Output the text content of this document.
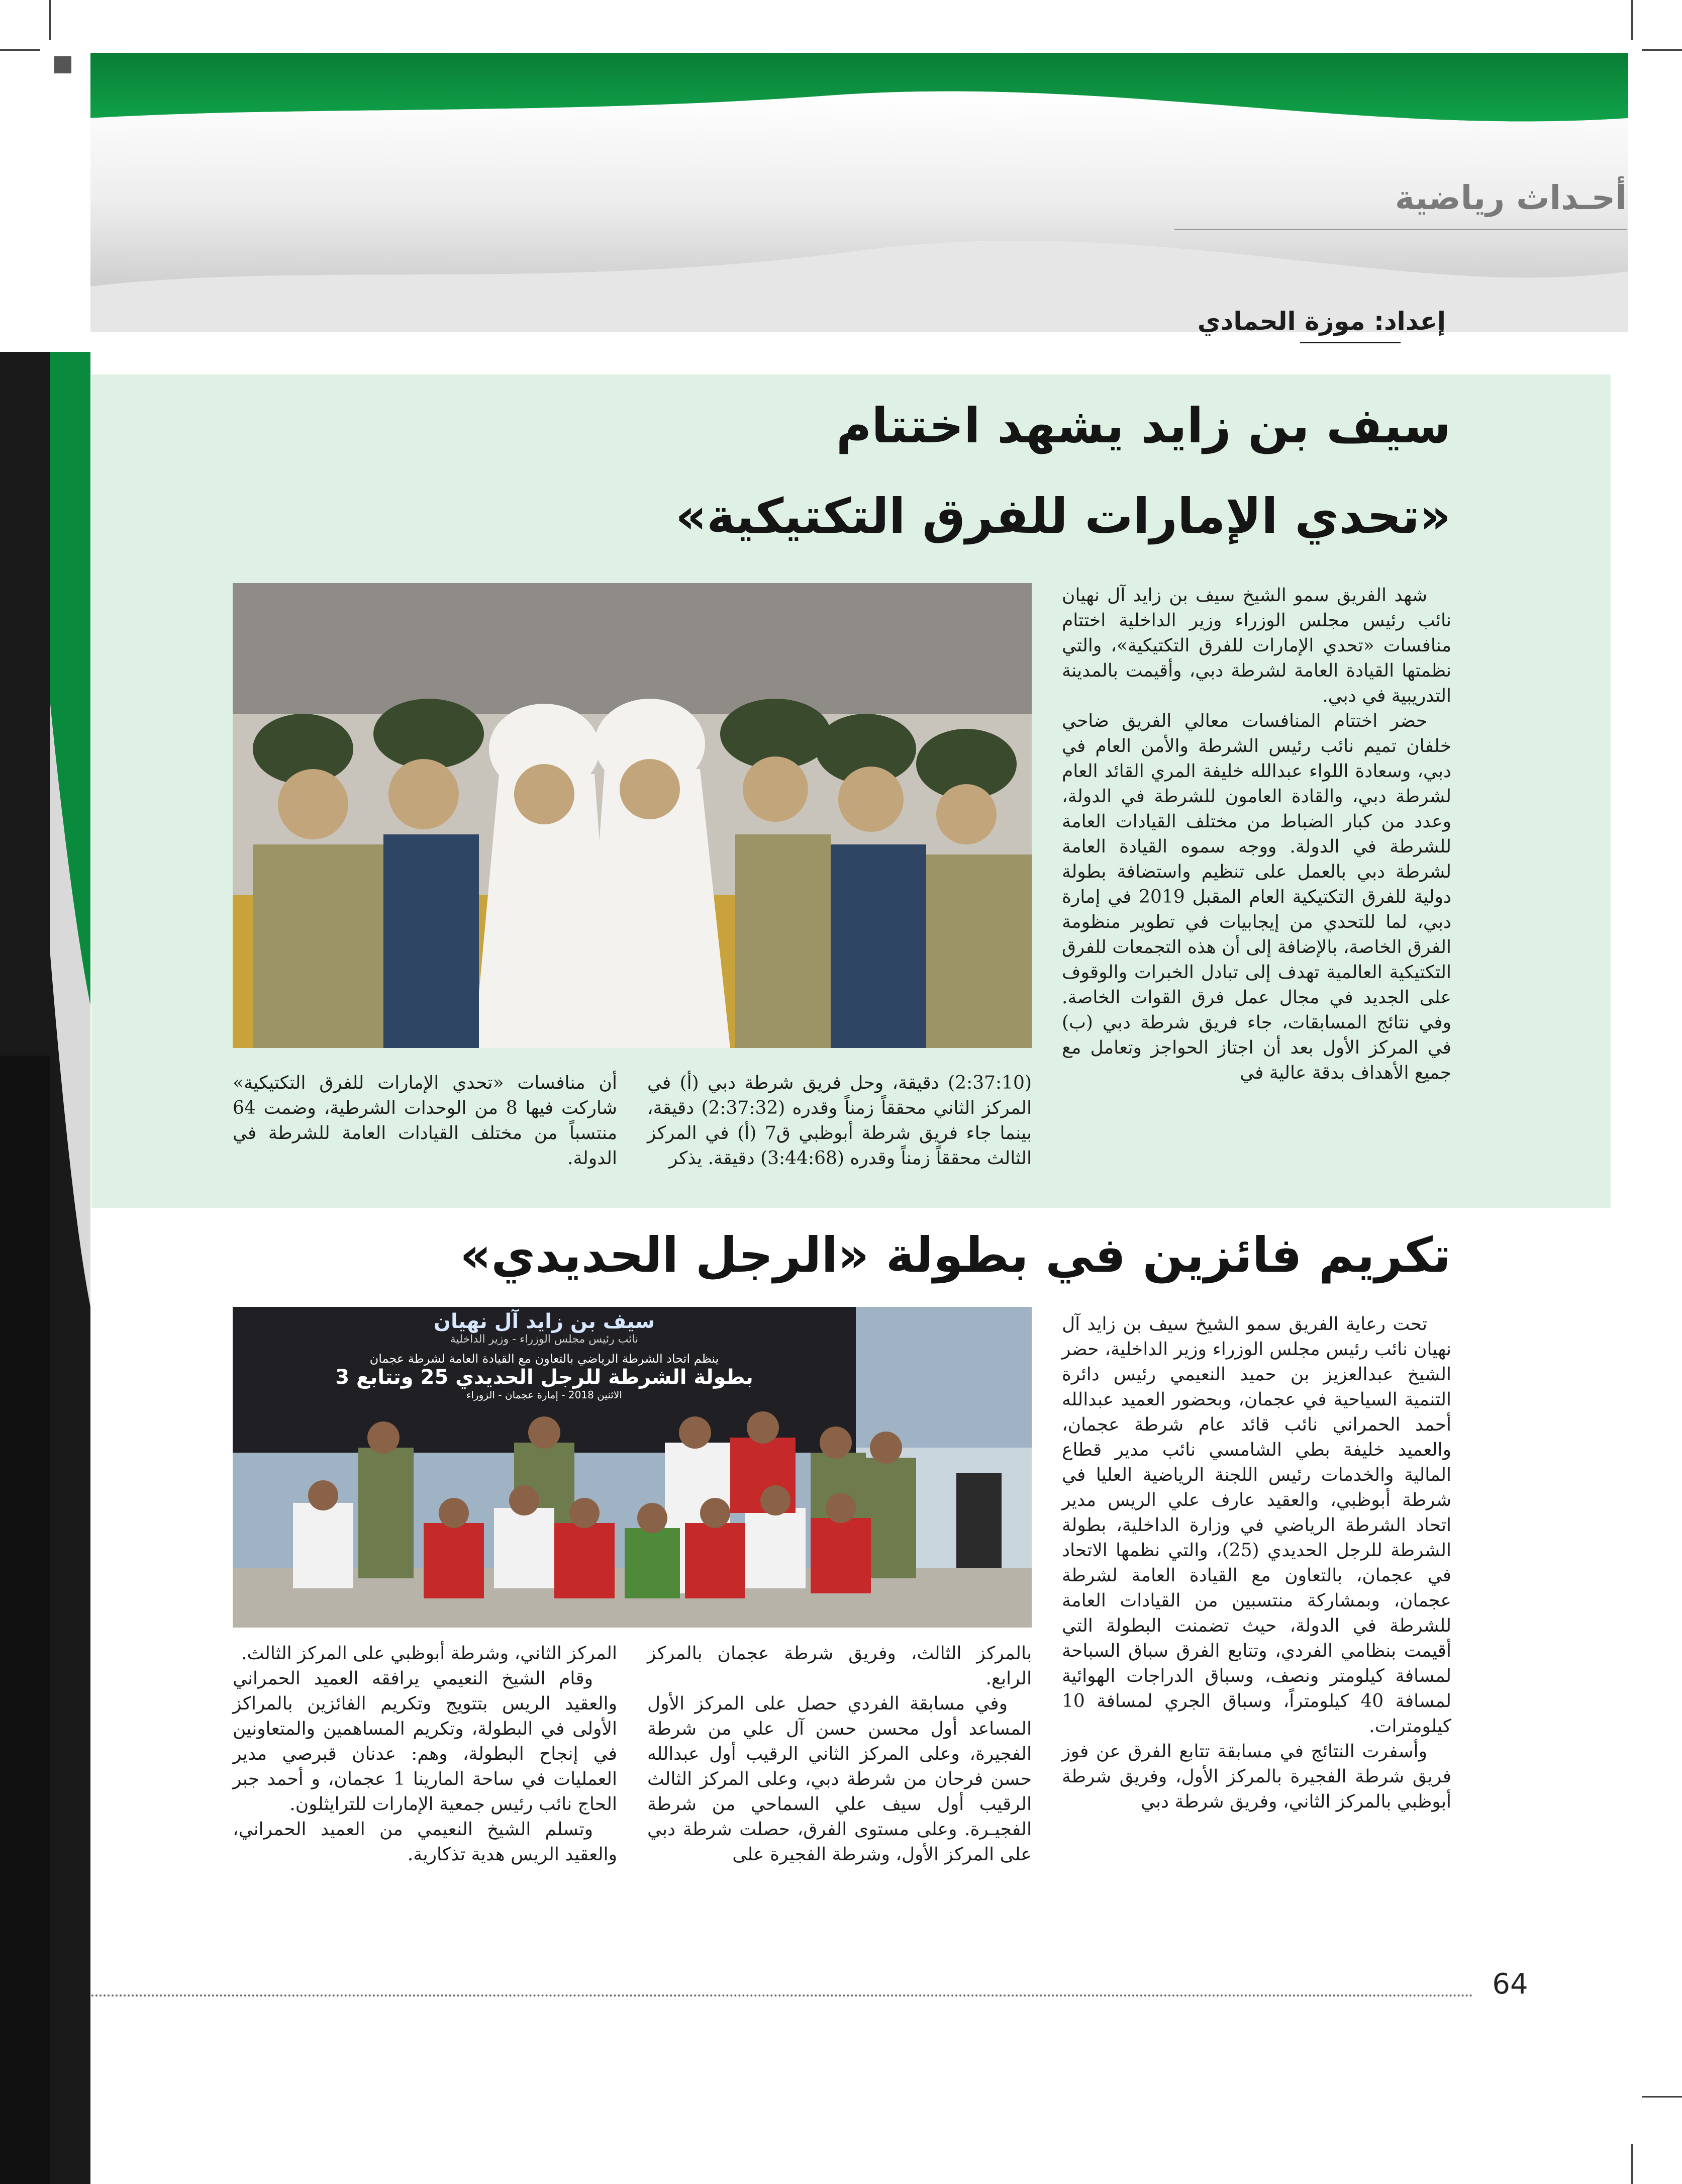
أحـداث رياضية
إعداد: موزة الحمادي
سيف بن زايد يشهد اختتام
«تحدي الإمارات للفرق التكتيكية»

شهد الفريق سمو الشيخ سيف بن زايد آل نهيان نائب رئيس مجلس الوزراء وزير الداخلية اختتام منافسات «تحدي الإمارات للفرق التكتيكية»، والتي نظمتها القيادة العامة لشرطة دبي، وأقيمت بالمدينة التدريبية في دبي.

حضر اختتام المنافسات معالي الفريق ضاحي خلفان تميم نائب رئيس الشرطة والأمن العام في دبي، وسعادة اللواء عبدالله خليفة المري القائد العام لشرطة دبي، والقادة العامون للشرطة في الدولة، وعدد من كبار الضباط من مختلف القيادات العامة للشرطة في الدولة. ووجه سموه القيادة العامة لشرطة دبي بالعمل على تنظيم واستضافة بطولة دولية للفرق التكتيكية العام المقبل 2019 في إمارة دبي، لما للتحدي من إيجابيات في تطوير منظومة الفرق الخاصة، بالإضافة إلى أن هذه التجمعات للفرق التكتيكية العالمية تهدف إلى تبادل الخبرات والوقوف على الجديد في مجال عمل فرق القوات الخاصة. وفي نتائج المسابقات، جاء فريق شرطة دبي (ب) في المركز الأول بعد أن اجتاز الحواجز وتعامل مع جميع الأهداف بدقة عالية في

(2:37:10) دقيقة، وحل فريق شرطة دبي (أ) في المركز الثاني محققاً زمناً وقدره (2:37:32) دقيقة، بينما جاء فريق شرطة أبوظبي ق7 (أ) في المركز الثالث محققاً زمناً وقدره (3:44:68) دقيقة. يذكر

أن منافسات «تحدي الإمارات للفرق التكتيكية» شاركت فيها 8 من الوحدات الشرطية، وضمت 64 منتسباً من مختلف القيادات العامة للشرطة في الدولة.

تكريم فائزين في بطولة «الرجل الحديدي»
سيف بن زايد آل نهيان
نائب رئيس مجلس الوزراء - وزير الداخلية
ينظم اتحاد الشرطة الرياضي بالتعاون مع القيادة العامة لشرطة عجمان
بطولة الشرطة للرجل الحديدي 25 وتتابع 3
الاثنين 2018 - إمارة عجمان - الزوراء

تحت رعاية الفريق سمو الشيخ سيف بن زايد آل نهيان نائب رئيس مجلس الوزراء وزير الداخلية، حضر الشيخ عبدالعزيز بن حميد النعيمي رئيس دائرة التنمية السياحية في عجمان، وبحضور العميد عبدالله أحمد الحمراني نائب قائد عام شرطة عجمان، والعميد خليفة بطي الشامسي نائب مدير قطاع المالية والخدمات رئيس اللجنة الرياضية العليا في شرطة أبوظبي، والعقيد عارف علي الريس مدير اتحاد الشرطة الرياضي في وزارة الداخلية، بطولة الشرطة للرجل الحديدي (25)، والتي نظمها الاتحاد في عجمان، بالتعاون مع القيادة العامة لشرطة عجمان، وبمشاركة منتسبين من القيادات العامة للشرطة في الدولة، حيث تضمنت البطولة التي أقيمت بنظامي الفردي، وتتابع الفرق سباق السباحة لمسافة كيلومتر ونصف، وسباق الدراجات الهوائية لمسافة 40 كيلومتراً، وسباق الجري لمسافة 10 كيلومترات.

وأسفرت النتائج في مسابقة تتابع الفرق عن فوز فريق شرطة الفجيرة بالمركز الأول، وفريق شرطة أبوظبي بالمركز الثاني، وفريق شرطة دبي

بالمركز الثالث، وفريق شرطة عجمان بالمركز الرابع.

وفي مسابقة الفردي حصل على المركز الأول المساعد أول محسن حسن آل علي من شرطة الفجيرة، وعلى المركز الثاني الرقيب أول عبدالله حسن فرحان من شرطة دبي، وعلى المركز الثالث الرقيب أول سيف علي السماحي من شرطة الفجيـرة. وعلى مستوى الفرق، حصلت شرطة دبي على المركز الأول، وشرطة الفجيرة على

المركز الثاني، وشرطة أبوظبي على المركز الثالث.

وقام الشيخ النعيمي يرافقه العميد الحمراني والعقيد الريس بتتويج وتكريم الفائزين بالمراكز الأولى في البطولة، وتكريم المساهمين والمتعاونين في إنجاح البطولة، وهم: عدنان قبرصي مدير العمليات في ساحة المارينا 1 عجمان، و أحمد جبر الحاج نائب رئيس جمعية الإمارات للترايثلون.

وتسلم الشيخ النعيمي من العميد الحمراني، والعقيد الريس هدية تذكارية.

64
